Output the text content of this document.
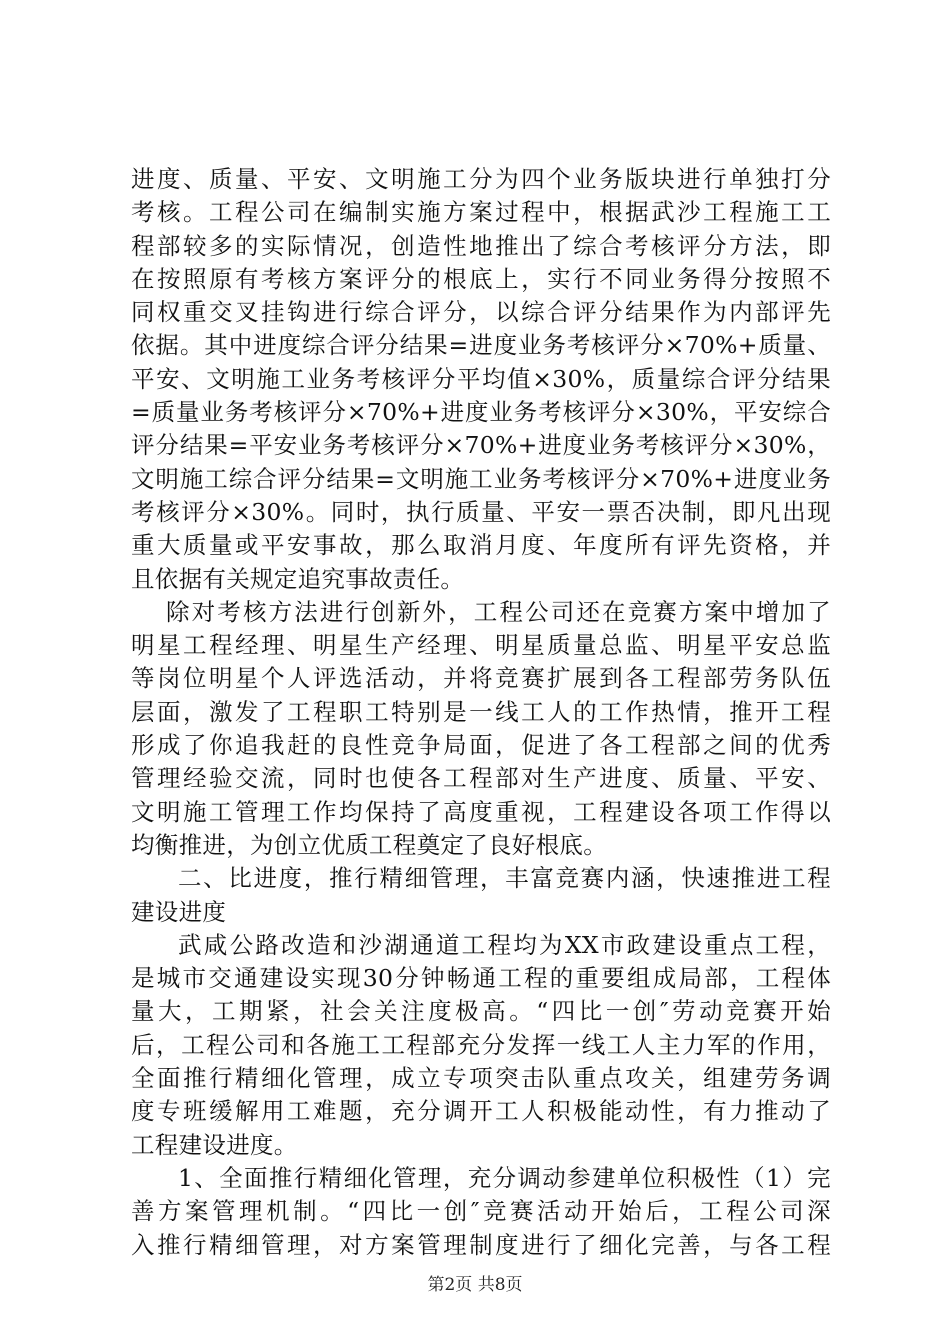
进度、质量、平安、文明施工分为四个业务版块进行单独打分
考核。工程公司在编制实施方案过程中，根据武沙工程施工工
程部较多的实际情况，创造性地推出了综合考核评分方法，即
在按照原有考核方案评分的根底上，实行不同业务得分按照不
同权重交叉挂钩进行综合评分，以综合评分结果作为内部评先
依据。其中进度综合评分结果=进度业务考核评分×70%+质量、
平安、文明施工业务考核评分平均值×30%，质量综合评分结果
=质量业务考核评分×70%+进度业务考核评分×30%，平安综合
评分结果=平安业务考核评分×70%+进度业务考核评分×30%，
文明施工综合评分结果=文明施工业务考核评分×70%+进度业务
考核评分×30%。同时，执行质量、平安一票否决制，即凡出现
重大质量或平安事故，那么取消月度、年度所有评先资格，并
且依据有关规定追究事故责任。
除对考核方法进行创新外，工程公司还在竞赛方案中增加了
明星工程经理、明星生产经理、明星质量总监、明星平安总监
等岗位明星个人评选活动，并将竞赛扩展到各工程部劳务队伍
层面，激发了工程职工特别是一线工人的工作热情，推开工程
形成了你追我赶的良性竞争局面，促进了各工程部之间的优秀
管理经验交流，同时也使各工程部对生产进度、质量、平安、
文明施工管理工作均保持了高度重视，工程建设各项工作得以
均衡推进，为创立优质工程奠定了良好根底。
二、比进度，推行精细管理，丰富竞赛内涵，快速推进工程
建设进度
武咸公路改造和沙湖通道工程均为XX市政建设重点工程，
是城市交通建设实现30分钟畅通工程的重要组成局部，工程体
量大，工期紧，社会关注度极高。“四比一创″劳动竞赛开始
后，工程公司和各施工工程部充分发挥一线工人主力军的作用，
全面推行精细化管理，成立专项突击队重点攻关，组建劳务调
度专班缓解用工难题，充分调开工人积极能动性，有力推动了
工程建设进度。
1、全面推行精细化管理，充分调动参建单位积极性（1）完
善方案管理机制。“四比一创″竞赛活动开始后，工程公司深
入推行精细管理，对方案管理制度进行了细化完善，与各工程
第2页 共8页
